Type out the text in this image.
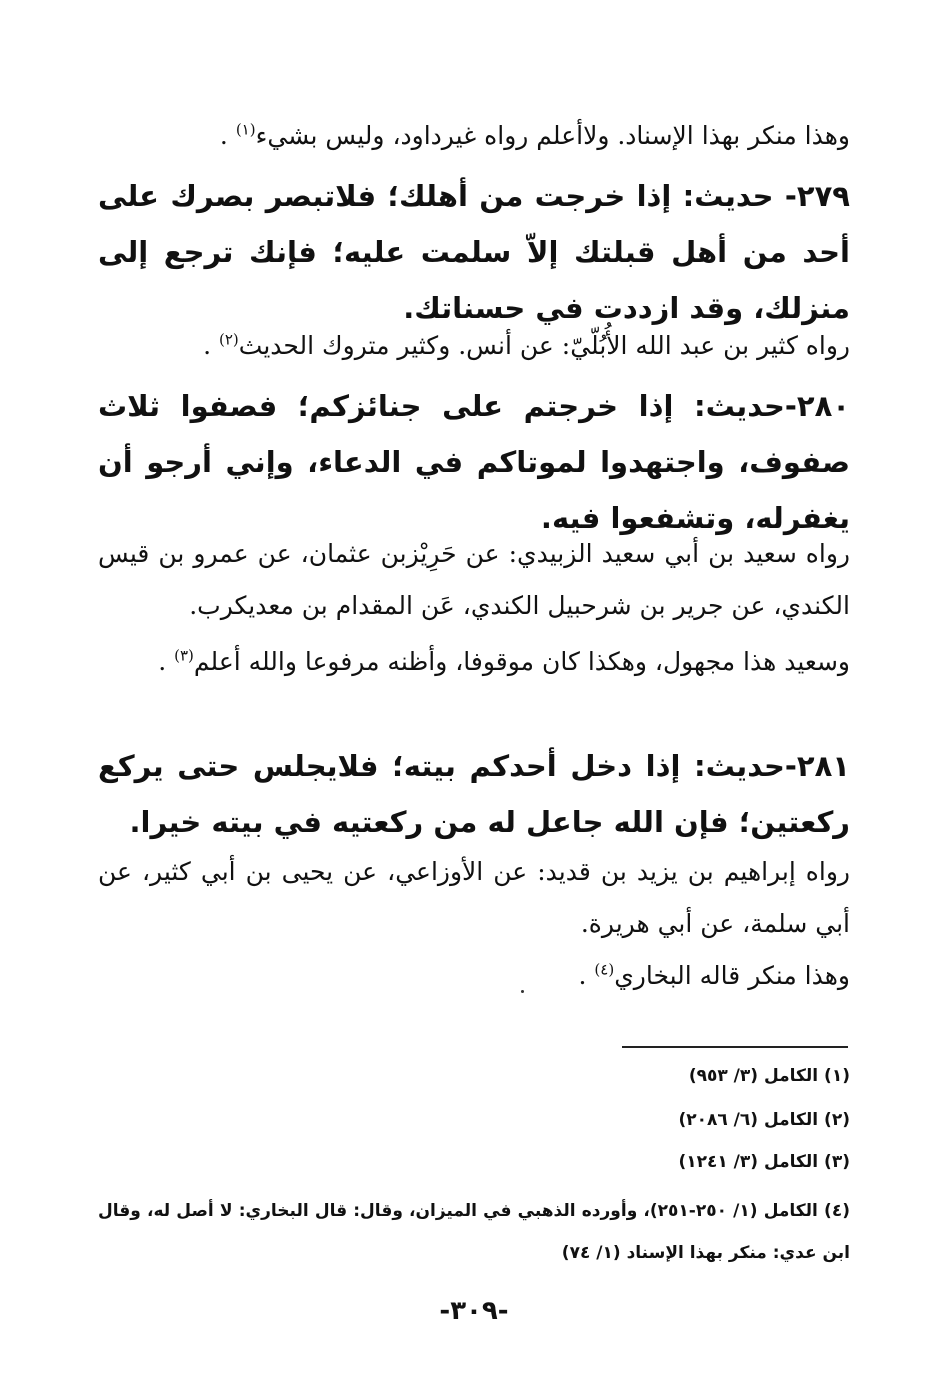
وهذا منكر بهذا الإسناد. ولاأعلم رواه غيرداود، وليس بشيء$^{(١)}$ .
٢٧٩- حديث: إذا خرجت من أهلك؛ فلاتبصر بصرك على أحد من أهل قبلتك إلاّ سلمت عليه؛ فإنك ترجع إلى منزلك، وقد ازددت في حسناتك.
رواه كثير بن عبد الله الأُبُلّيّ: عن أنس. وكثير متروك الحديث$^{(٢)}$ .
٢٨٠-حديث: إذا خرجتم على جنائزكم؛ فصفوا ثلاث صفوف، واجتهدوا لموتاكم في الدعاء، وإني أرجو أن يغفرله، وتشفعوا فيه.
رواه سعيد بن أبي سعيد الزبيدي: عن حَرِيْزبن عثمان، عن عمرو بن قيس الكندي، عن جرير بن شرحبيل الكندي، عَن المقدام بن معديكرب.
وسعيد هذا مجهول، وهكذا كان موقوفا، وأظنه مرفوعا والله أعلم$^{(٣)}$ .
٢٨١-حديث: إذا دخل أحدكم بيته؛ فلايجلس حتى يركع ركعتين؛ فإن الله جاعل له من ركعتيه في بيته خيرا.
رواه إبراهيم بن يزيد بن قديد: عن الأوزاعي، عن يحيى بن أبي كثير، عن أبي سلمة، عن أبي هريرة.
وهذا منكر قاله البخاري$^{(٤)}$ .
(١) الكامل (٣/ ٩٥٣)
(٢) الكامل (٦/ ٢٠٨٦)
(٣) الكامل (٣/ ١٢٤١)
(٤) الكامل (١/ ٢٥٠-٢٥١)، وأورده الذهبي في الميزان، وقال: قال البخاري: لا أصل له، وقال ابن عدي: منكر بهذا الإسناد (١/ ٧٤)
-٣٠٩-
